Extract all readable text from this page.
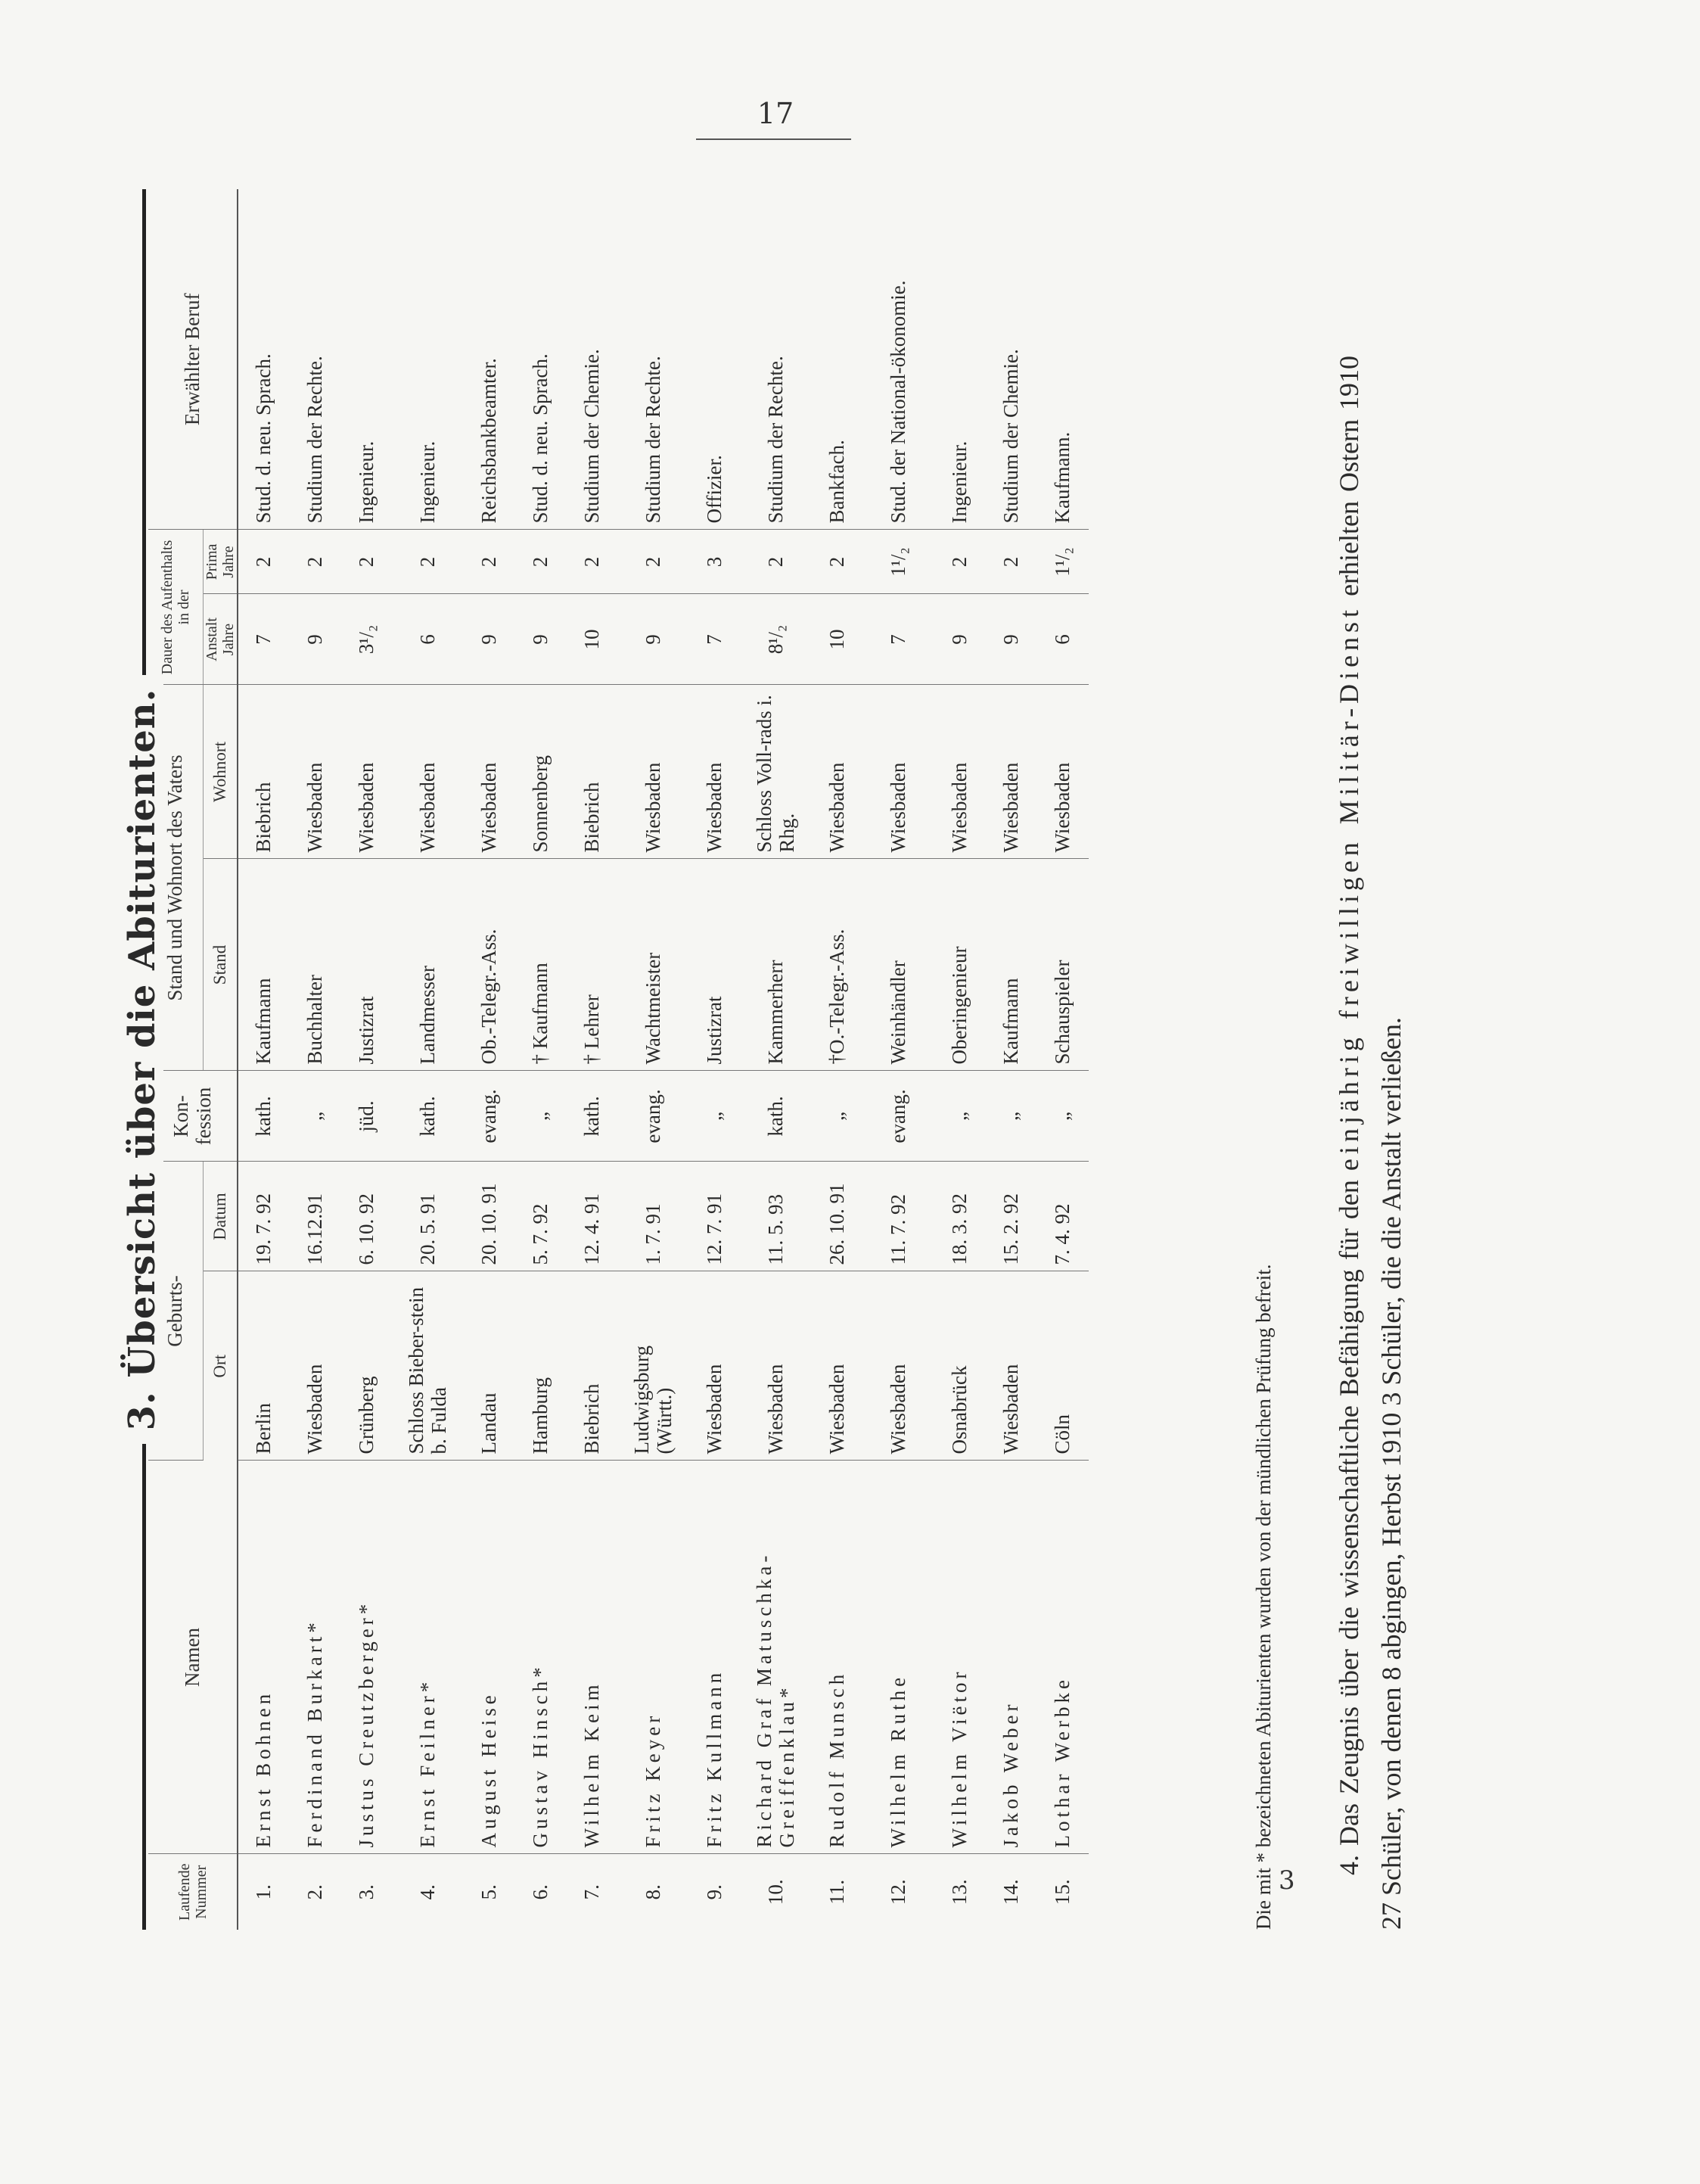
17
3. Übersicht über die Abiturienten.
Laufende Nummer	Namen	Geburts-		Kon-fession	Stand und Wohnort des Vaters		Dauer des Aufenthalts in der		Erwählter Beruf
		Ort	Datum		Stand	Wohnort	Anstalt Jahre	Prima Jahre	
1.	Ernst Bohnen	Berlin	19. 7. 92	kath.	Kaufmann	Biebrich	7	2	Stud. d. neu. Sprach.
2.	Ferdinand Burkart*	Wiesbaden	16.12.91	„	Buchhalter	Wiesbaden	9	2	Studium der Rechte.
3.	Justus Creutzberger*	Grünberg	6. 10. 92	jüd.	Justizrat	Wiesbaden	3¹/₂	2	Ingenieur.
4.	Ernst Feilner*	Schloss Bieber-stein b. Fulda	20. 5. 91	kath.	Landmesser	Wiesbaden	6	2	Ingenieur.
5.	August Heise	Landau	20. 10. 91	evang.	Ob.-Telegr.-Ass.	Wiesbaden	9	2	Reichsbankbeamter.
6.	Gustav Hinsch*	Hamburg	5. 7. 92	„	† Kaufmann	Sonnenberg	9	2	Stud. d. neu. Sprach.
7.	Wilhelm Keim	Biebrich	12. 4. 91	kath.	† Lehrer	Biebrich	10	2	Studium der Chemie.
8.	Fritz Keyer	Ludwigsburg (Württ.)	1. 7. 91	evang.	Wachtmeister	Wiesbaden	9	2	Studium der Rechte.
9.	Fritz Kullmann	Wiesbaden	12. 7. 91	„	Justizrat	Wiesbaden	7	3	Offizier.
10.	Richard Graf Matuschka-Greiffenklau*	Wiesbaden	11. 5. 93	kath.	Kammerherr	Schloss Voll-rads i. Rhg.	8¹/₂	2	Studium der Rechte.
11.	Rudolf Munsch	Wiesbaden	26. 10. 91	„	†O.-Telegr.-Ass.	Wiesbaden	10	2	Bankfach.
12.	Wilhelm Ruthe	Wiesbaden	11. 7. 92	evang.	Weinhändler	Wiesbaden	7	1¹/₂	Stud. der National-ökonomie.
13.	Wilhelm Viëtor	Osnabrück	18. 3. 92	„	Oberingenieur	Wiesbaden	9	2	Ingenieur.
14.	Jakob Weber	Wiesbaden	15. 2. 92	„	Kaufmann	Wiesbaden	9	2	Studium der Chemie.
15.	Lothar Werbke	Cöln	7. 4. 92	„	Schauspieler	Wiesbaden	6	1¹/₂	Kaufmann.
Die mit * bezeichneten Abiturienten wurden von der mündlichen Prüfung befreit. 4. Das Zeugnis über die wissenschaftliche Befähigung für den einjährig freiwilligen Militär-Dienst erhielten Ostern 1910 27 Schüler, von denen 8 abgingen, Herbst 1910 3 Schüler, die die Anstalt verließen.

3
